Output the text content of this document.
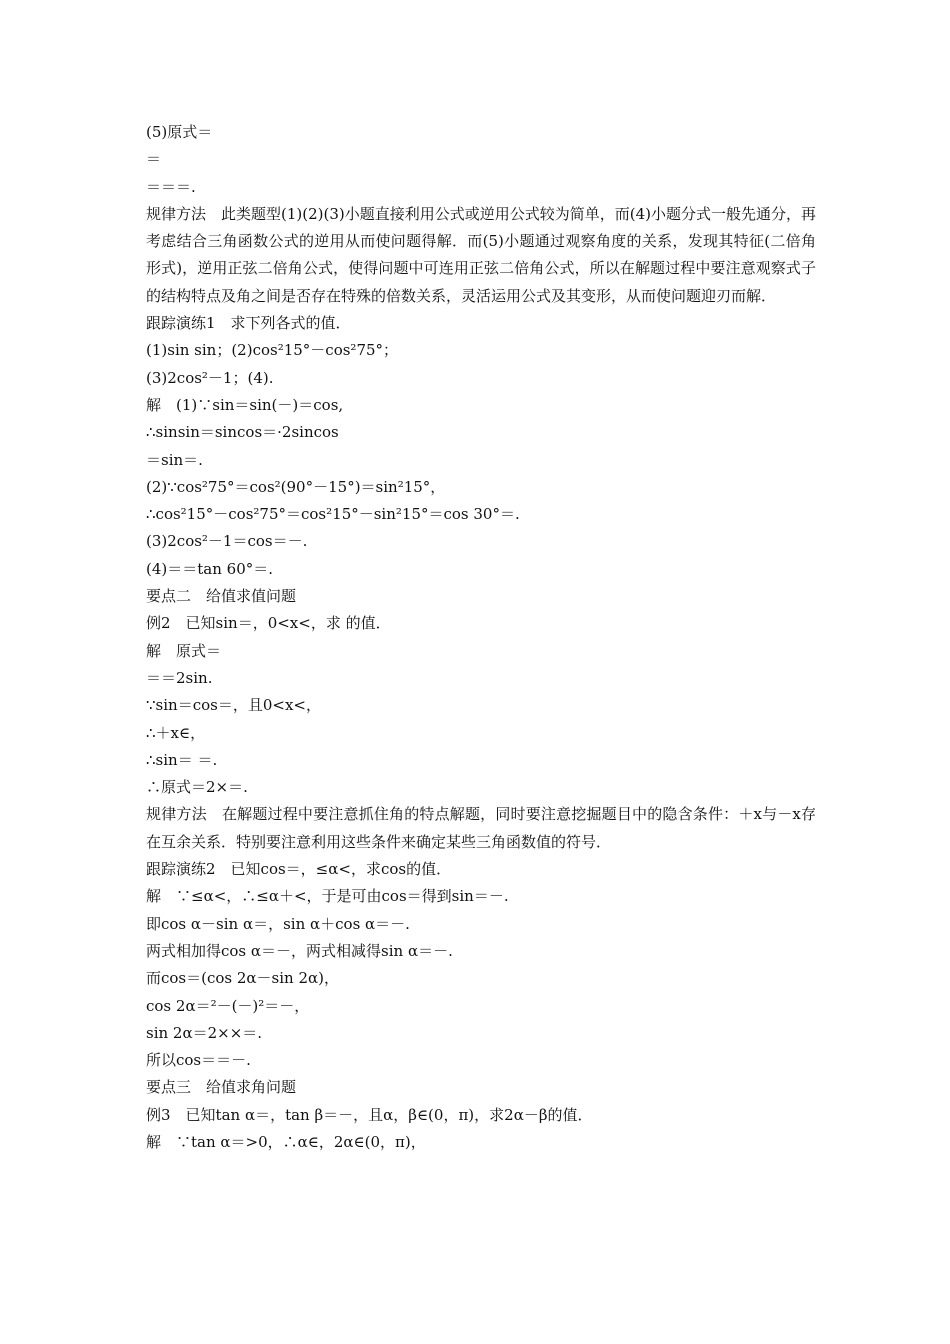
(5)原式＝
＝
＝＝＝.
规律方法　此类题型(1)(2)(3)小题直接利用公式或逆用公式较为简单，而(4)小题分式一般先通分，再考虑结合三角函数公式的逆用从而使问题得解．而(5)小题通过观察角度的关系，发现其特征(二倍角形式)，逆用正弦二倍角公式，使得问题中可连用正弦二倍角公式，所以在解题过程中要注意观察式子的结构特点及角之间是否存在特殊的倍数关系，灵活运用公式及其变形，从而使问题迎刃而解．
跟踪演练1　求下列各式的值．
(1)sin sin；(2)cos²15°－cos²75°；
(3)2cos²－1；(4).
解　(1)∵sin＝sin(－)＝cos,
∴sinsin＝sincos＝·2sincos
＝sin＝.
(2)∵cos²75°＝cos²(90°－15°)＝sin²15°，
∴cos²15°－cos²75°＝cos²15°－sin²15°＝cos 30°＝.
(3)2cos²－1＝cos＝－.
(4)＝＝tan 60°＝.
要点二　给值求值问题
例2　已知sin＝，0<x<，求 的值．
解　原式＝
＝＝2sin.
∵sin＝cos＝，且0<x<，
∴＋x∈，
∴sin＝ ＝.
∴原式＝2×＝.
规律方法　在解题过程中要注意抓住角的特点解题，同时要注意挖掘题目中的隐含条件：＋x与－x存在互余关系．特别要注意利用这些条件来确定某些三角函数值的符号．
跟踪演练2　已知cos＝，≤α<，求cos的值．
解　∵≤α<，∴≤α＋<，于是可由cos＝得到sin＝－.
即cos α－sin α＝，sin α＋cos α＝－.
两式相加得cos α＝－，两式相减得sin α＝－.
而cos＝(cos 2α－sin 2α)，
cos 2α＝²－(－)²＝－，
sin 2α＝2××＝.
所以cos＝＝－.
要点三　给值求角问题
例3　已知tan α＝，tan β＝－，且α，β∈(0，π)，求2α－β的值．
解　∵tan α＝>0，∴α∈，2α∈(0，π)，
